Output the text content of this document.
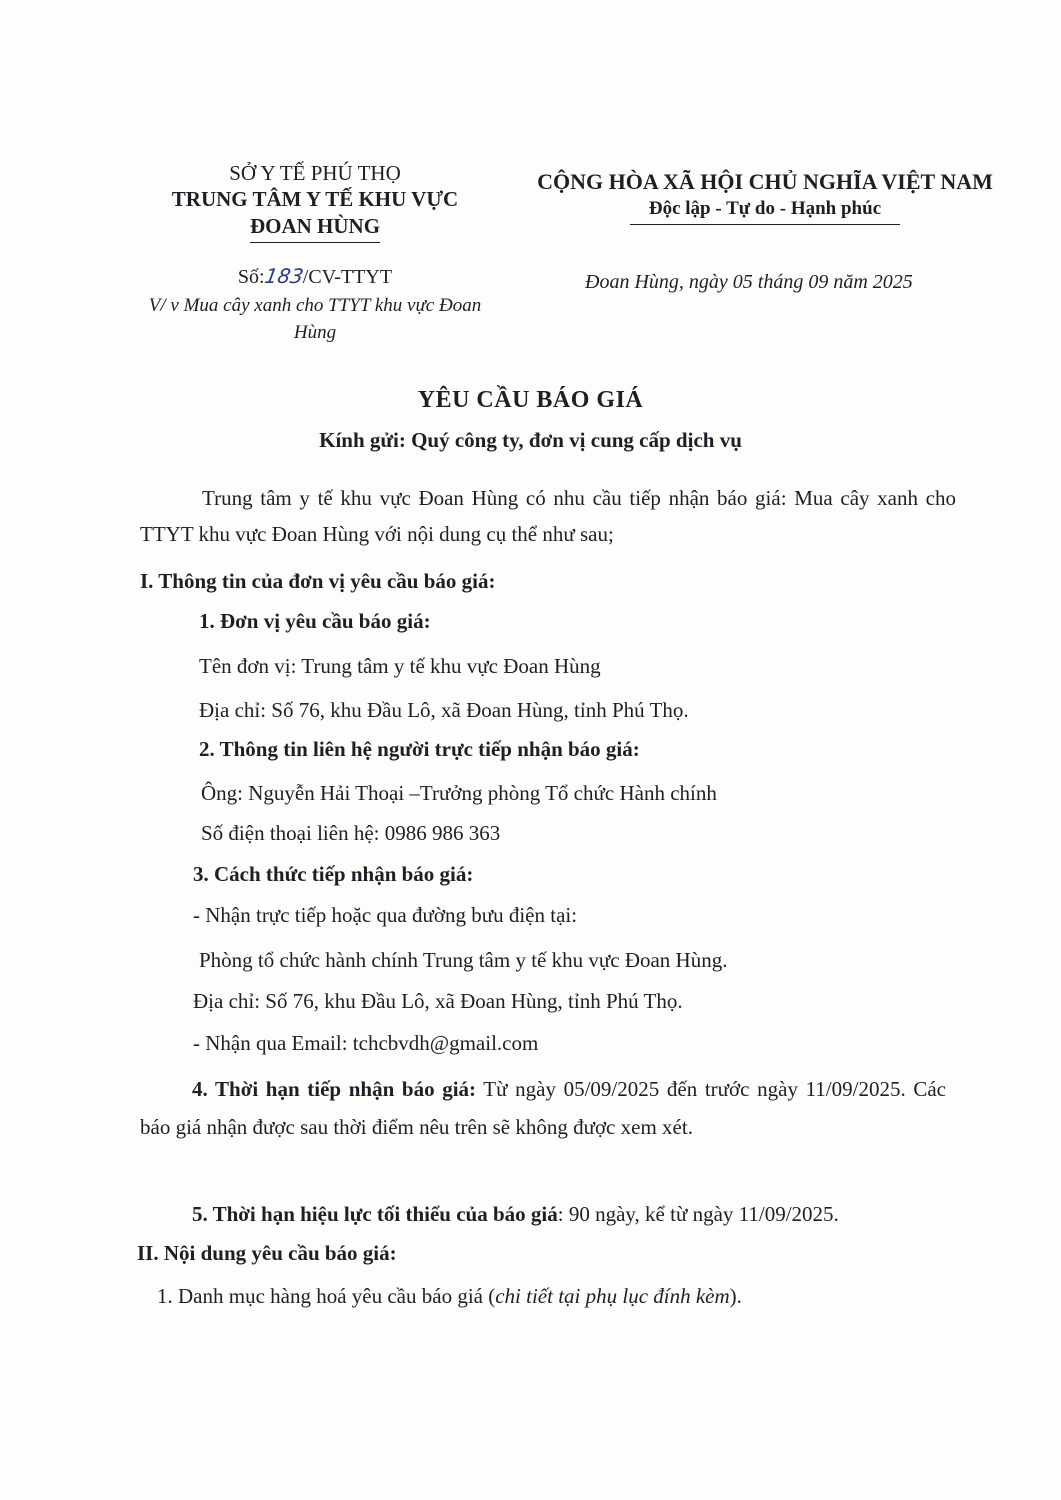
SỞ Y TẾ PHÚ THỌ
TRUNG TÂM Y TẾ KHU VỰC
ĐOAN HÙNG
CỘNG HÒA XÃ HỘI CHỦ NGHĨA VIỆT NAM
Độc lập - Tự do - Hạnh phúc
Số:183/CV-TTYT
V/ v Mua cây xanh cho TTYT khu vực Đoan Hùng
Đoan Hùng, ngày 05 tháng 09 năm 2025
YÊU CẦU BÁO GIÁ
Kính gửi: Quý công ty, đơn vị cung cấp dịch vụ
Trung tâm y tế khu vực Đoan Hùng có nhu cầu tiếp nhận báo giá: Mua cây xanh cho TTYT khu vực Đoan Hùng với nội dung cụ thể như sau;
I. Thông tin của đơn vị yêu cầu báo giá:
1. Đơn vị yêu cầu báo giá:
Tên đơn vị: Trung tâm y tế khu vực Đoan Hùng
Địa chỉ: Số 76, khu Đầu Lô, xã Đoan Hùng, tỉnh Phú Thọ.
2. Thông tin liên hệ người trực tiếp nhận báo giá:
Ông: Nguyễn Hải Thoại –Trưởng phòng Tổ chức Hành chính
Số điện thoại liên hệ: 0986 986 363
3. Cách thức tiếp nhận báo giá:
- Nhận trực tiếp hoặc qua đường bưu điện tại:
Phòng tổ chức hành chính Trung tâm y tế khu vực Đoan Hùng.
Địa chỉ: Số 76, khu Đầu Lô, xã Đoan Hùng, tỉnh Phú Thọ.
- Nhận qua Email: tchcbvdh@gmail.com
4. Thời hạn tiếp nhận báo giá: Từ ngày 05/09/2025 đến trước ngày 11/09/2025. Các báo giá nhận được sau thời điểm nêu trên sẽ không được xem xét.
5. Thời hạn hiệu lực tối thiểu của báo giá: 90 ngày, kể từ ngày 11/09/2025.
II. Nội dung yêu cầu báo giá:
1. Danh mục hàng hoá yêu cầu báo giá (chi tiết tại phụ lục đính kèm).
